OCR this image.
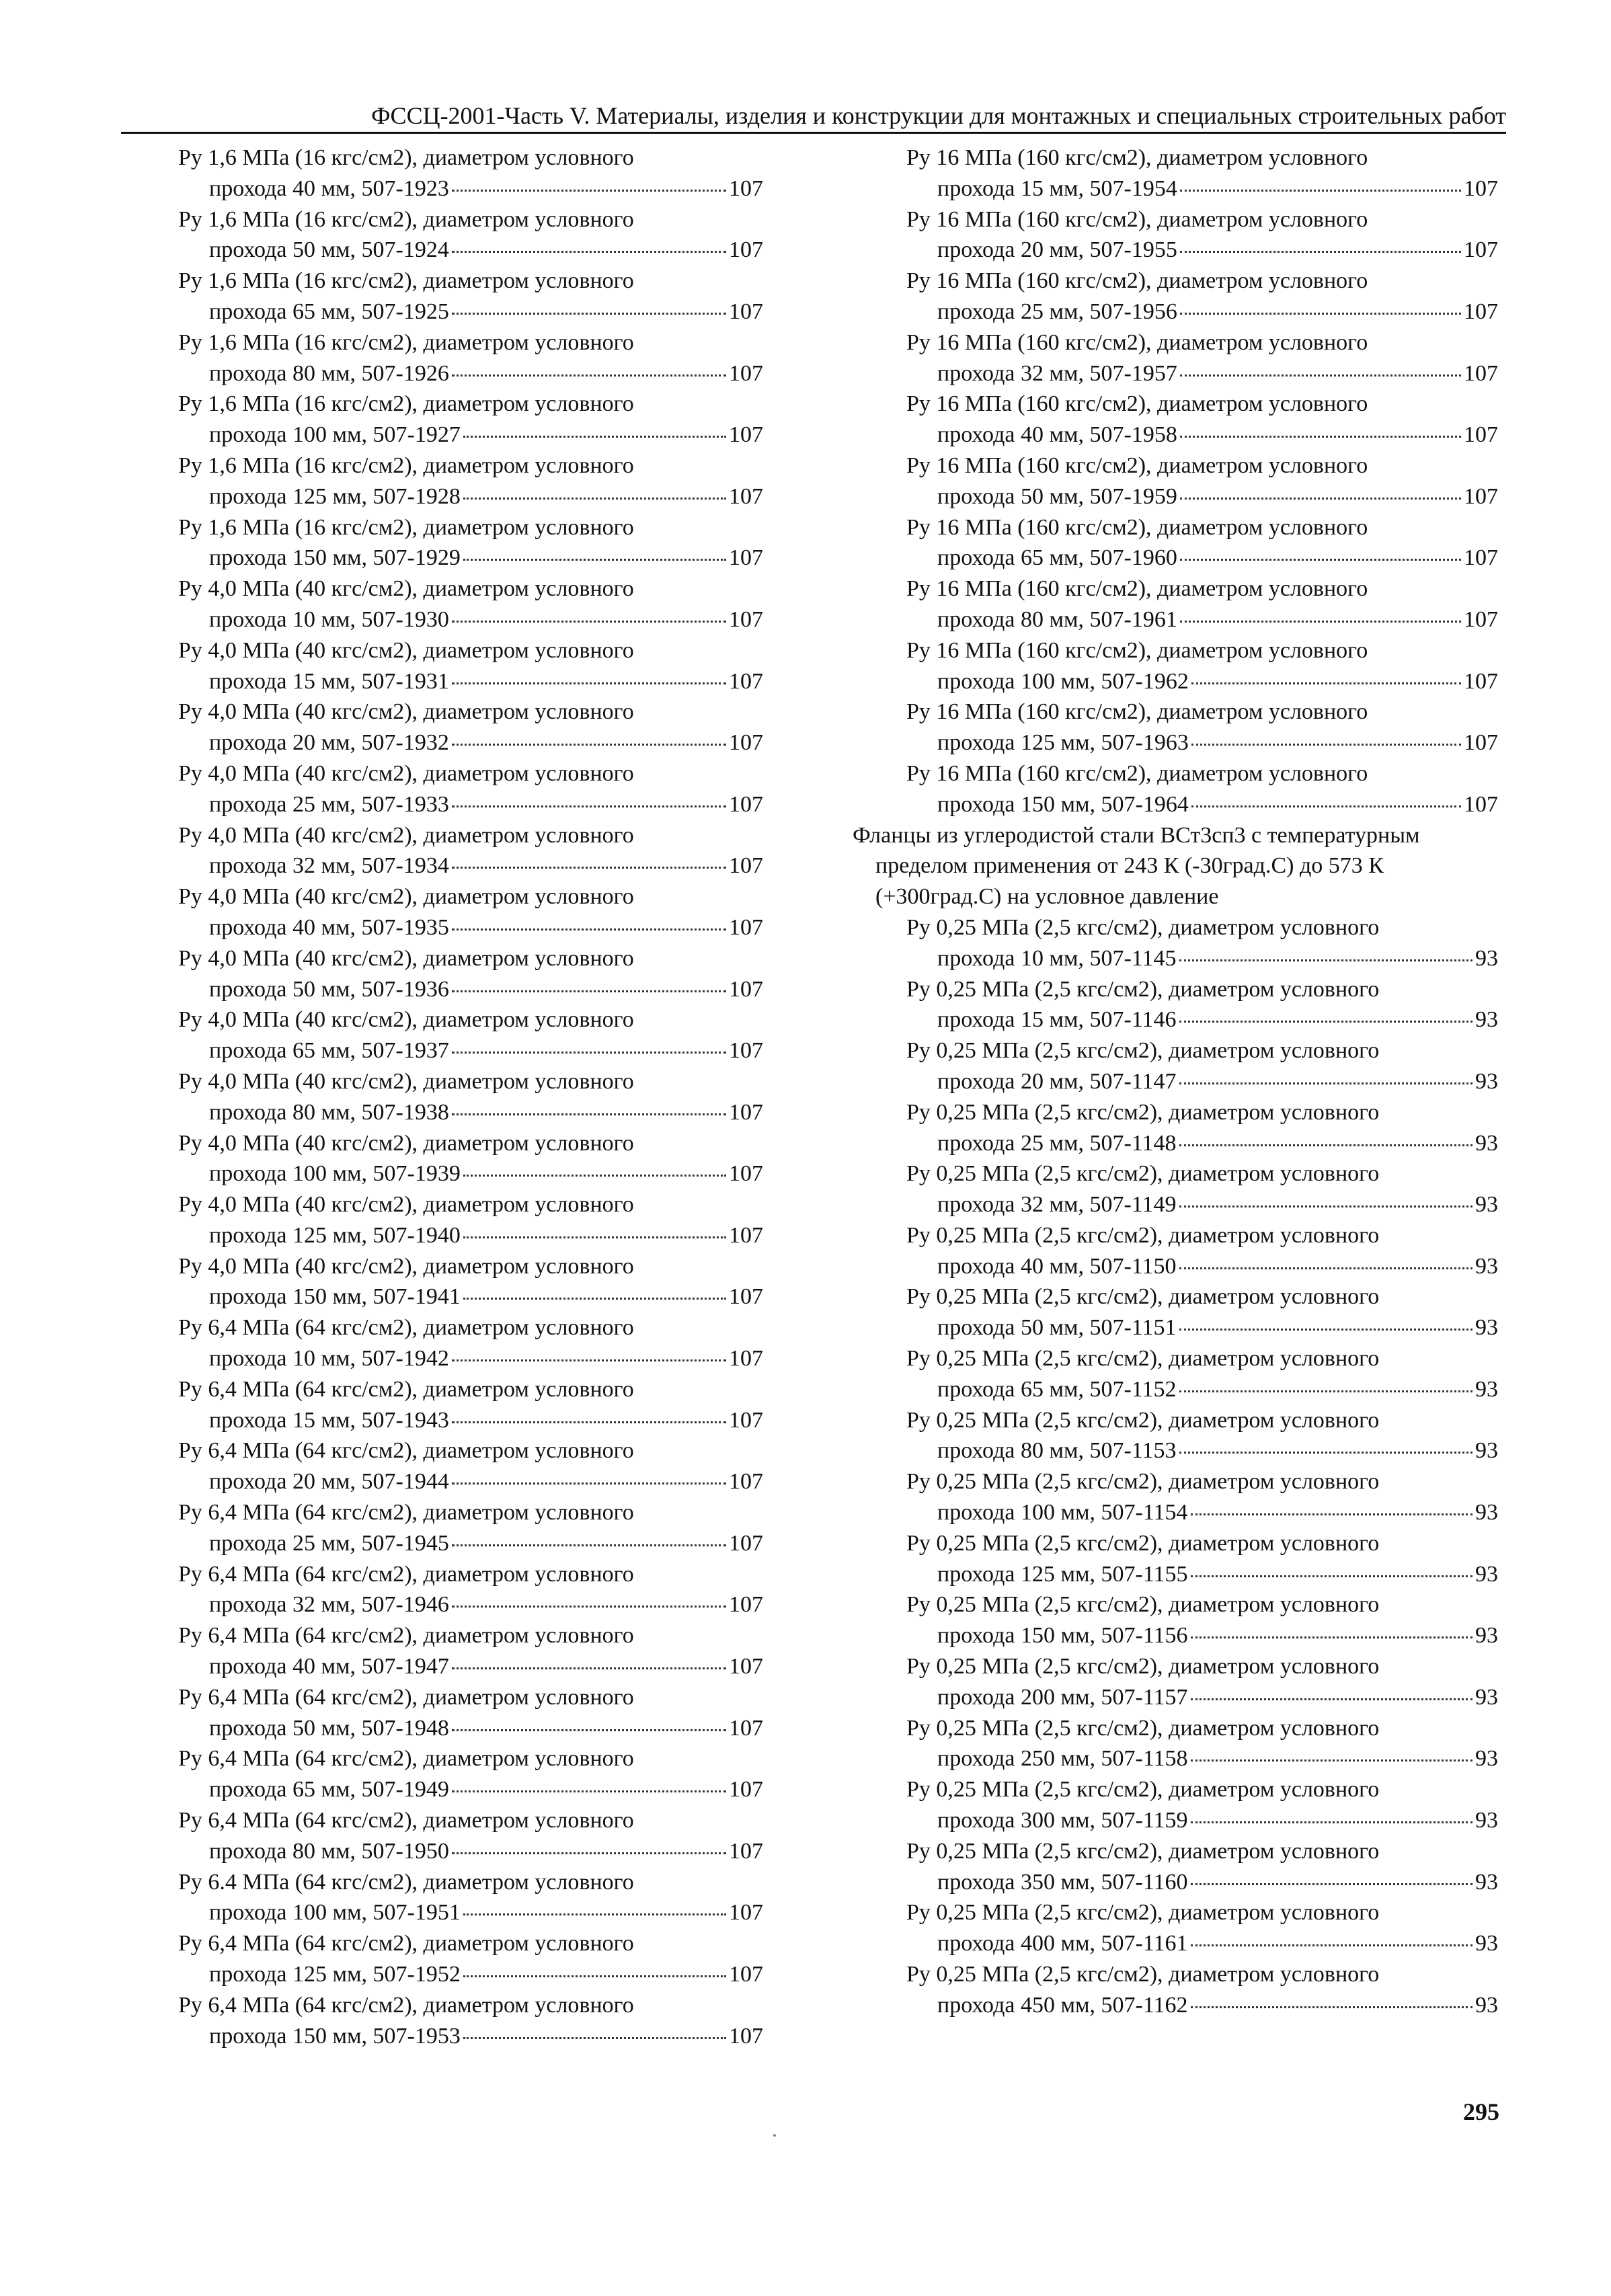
ФССЦ-2001-Часть V. Материалы, изделия и конструкции для монтажных и специальных строительных работ
Ру 1,6 МПа (16 кгс/см2), диаметром условного
прохода 40 мм, 507-1923	107
Ру 1,6 МПа (16 кгс/см2), диаметром условного
прохода 50 мм, 507-1924	107
Ру 1,6 МПа (16 кгс/см2), диаметром условного
прохода 65 мм, 507-1925	107
Ру 1,6 МПа (16 кгс/см2), диаметром условного
прохода 80 мм, 507-1926	107
Ру 1,6 МПа (16 кгс/см2), диаметром условного
прохода 100 мм, 507-1927	107
Ру 1,6 МПа (16 кгс/см2), диаметром условного
прохода 125 мм, 507-1928	107
Ру 1,6 МПа (16 кгс/см2), диаметром условного
прохода 150 мм, 507-1929	107
Ру 4,0 МПа (40 кгс/см2), диаметром условного
прохода 10 мм, 507-1930	107
Ру 4,0 МПа (40 кгс/см2), диаметром условного
прохода 15 мм, 507-1931	107
Ру 4,0 МПа (40 кгс/см2), диаметром условного
прохода 20 мм, 507-1932	107
Ру 4,0 МПа (40 кгс/см2), диаметром условного
прохода 25 мм, 507-1933	107
Ру 4,0 МПа (40 кгс/см2), диаметром условного
прохода 32 мм, 507-1934	107
Ру 4,0 МПа (40 кгс/см2), диаметром условного
прохода 40 мм, 507-1935	107
Ру 4,0 МПа (40 кгс/см2), диаметром условного
прохода 50 мм, 507-1936	107
Ру 4,0 МПа (40 кгс/см2), диаметром условного
прохода 65 мм, 507-1937	107
Ру 4,0 МПа (40 кгс/см2), диаметром условного
прохода 80 мм, 507-1938	107
Ру 4,0 МПа (40 кгс/см2), диаметром условного
прохода 100 мм, 507-1939	107
Ру 4,0 МПа (40 кгс/см2), диаметром условного
прохода 125 мм, 507-1940	107
Ру 4,0 МПа (40 кгс/см2), диаметром условного
прохода 150 мм, 507-1941	107
Ру 6,4 МПа (64 кгс/см2), диаметром условного
прохода 10 мм, 507-1942	107
Ру 6,4 МПа (64 кгс/см2), диаметром условного
прохода 15 мм, 507-1943	107
Ру 6,4 МПа (64 кгс/см2), диаметром условного
прохода 20 мм, 507-1944	107
Ру 6,4 МПа (64 кгс/см2), диаметром условного
прохода 25 мм, 507-1945	107
Ру 6,4 МПа (64 кгс/см2), диаметром условного
прохода 32 мм, 507-1946	107
Ру 6,4 МПа (64 кгс/см2), диаметром условного
прохода 40 мм, 507-1947	107
Ру 6,4 МПа (64 кгс/см2), диаметром условного
прохода 50 мм, 507-1948	107
Ру 6,4 МПа (64 кгс/см2), диаметром условного
прохода 65 мм, 507-1949	107
Ру 6,4 МПа (64 кгс/см2), диаметром условного
прохода 80 мм, 507-1950	107
Ру 6.4 МПа (64 кгс/см2), диаметром условного
прохода 100 мм, 507-1951	107
Ру 6,4 МПа (64 кгс/см2), диаметром условного
прохода 125 мм, 507-1952	107
Ру 6,4 МПа (64 кгс/см2), диаметром условного
прохода 150 мм, 507-1953	107
Ру 16 МПа (160 кгс/см2), диаметром условного
прохода 15 мм, 507-1954	107
Ру 16 МПа (160 кгс/см2), диаметром условного
прохода 20 мм, 507-1955	107
Ру 16 МПа (160 кгс/см2), диаметром условного
прохода 25 мм, 507-1956	107
Ру 16 МПа (160 кгс/см2), диаметром условного
прохода 32 мм, 507-1957	107
Ру 16 МПа (160 кгс/см2), диаметром условного
прохода 40 мм, 507-1958	107
Ру 16 МПа (160 кгс/см2), диаметром условного
прохода 50 мм, 507-1959	107
Ру 16 МПа (160 кгс/см2), диаметром условного
прохода 65 мм, 507-1960	107
Ру 16 МПа (160 кгс/см2), диаметром условного
прохода 80 мм, 507-1961	107
Ру 16 МПа (160 кгс/см2), диаметром условного
прохода 100 мм, 507-1962	107
Ру 16 МПа (160 кгс/см2), диаметром условного
прохода 125 мм, 507-1963	107
Ру 16 МПа (160 кгс/см2), диаметром условного
прохода 150 мм, 507-1964	107

Фланцы из углеродистой стали ВСт3сп3 с температурным пределом применения от 243 К (-30град.С) до 573 К (+300град.С) на условное давление

Ру 0,25 МПа (2,5 кгс/см2), диаметром условного
прохода 10 мм, 507-1145	93
Ру 0,25 МПа (2,5 кгс/см2), диаметром условного
прохода 15 мм, 507-1146	93
Ру 0,25 МПа (2,5 кгс/см2), диаметром условного
прохода 20 мм, 507-1147	93
Ру 0,25 МПа (2,5 кгс/см2), диаметром условного
прохода 25 мм, 507-1148	93
Ру 0,25 МПа (2,5 кгс/см2), диаметром условного
прохода 32 мм, 507-1149	93
Ру 0,25 МПа (2,5 кгс/см2), диаметром условного
прохода 40 мм, 507-1150	93
Ру 0,25 МПа (2,5 кгс/см2), диаметром условного
прохода 50 мм, 507-1151	93
Ру 0,25 МПа (2,5 кгс/см2), диаметром условного
прохода 65 мм, 507-1152	93
Ру 0,25 МПа (2,5 кгс/см2), диаметром условного
прохода 80 мм, 507-1153	93
Ру 0,25 МПа (2,5 кгс/см2), диаметром условного
прохода 100 мм, 507-1154	93
Ру 0,25 МПа (2,5 кгс/см2), диаметром условного
прохода 125 мм, 507-1155	93
Ру 0,25 МПа (2,5 кгс/см2), диаметром условного
прохода 150 мм, 507-1156	93
Ру 0,25 МПа (2,5 кгс/см2), диаметром условного
прохода 200 мм, 507-1157	93
Ру 0,25 МПа (2,5 кгс/см2), диаметром условного
прохода 250 мм, 507-1158	93
Ру 0,25 МПа (2,5 кгс/см2), диаметром условного
прохода 300 мм, 507-1159	93
Ру 0,25 МПа (2,5 кгс/см2), диаметром условного
прохода 350 мм, 507-1160	93
Ру 0,25 МПа (2,5 кгс/см2), диаметром условного
прохода 400 мм, 507-1161	93
Ру 0,25 МПа (2,5 кгс/см2), диаметром условного
прохода 450 мм, 507-1162	93
295
